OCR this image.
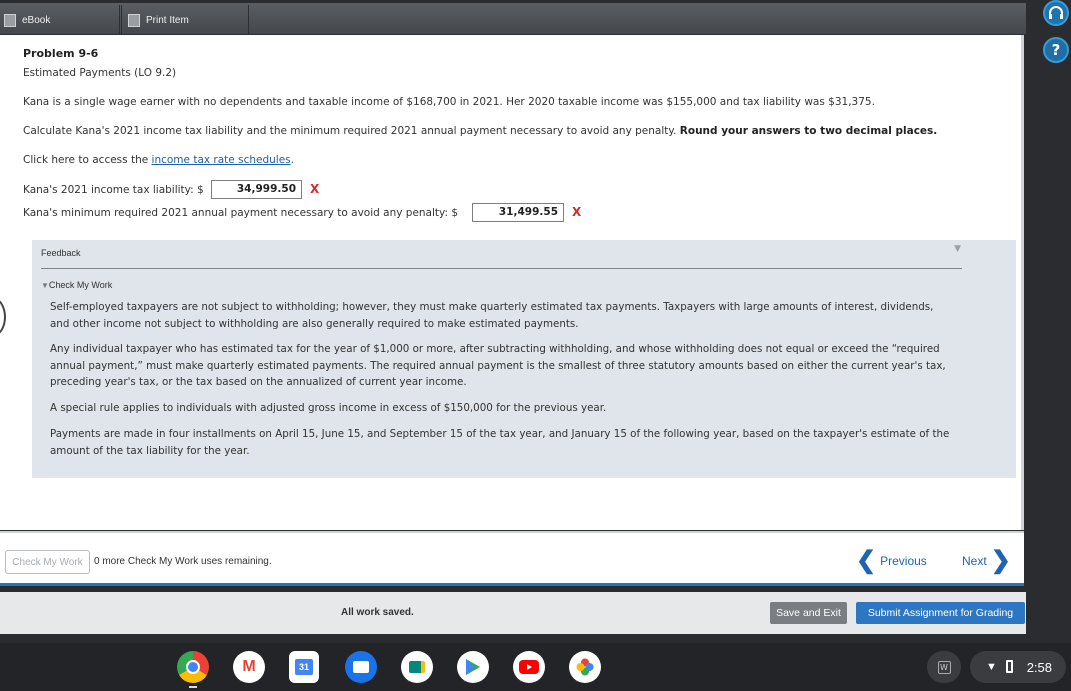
eBook	Print Item
?
Problem 9-6
Estimated Payments (LO 9.2)
Kana is a single wage earner with no dependents and taxable income of $168,700 in 2021. Her 2020 taxable income was $155,000 and tax liability was $31,375.
Calculate Kana's 2021 income tax liability and the minimum required 2021 annual payment necessary to avoid any penalty. Round your answers to two decimal places.
Click here to access the income tax rate schedules.
Kana's 2021 income tax liability: $	34,999.50	X
Kana's minimum required 2021 annual payment necessary to avoid any penalty: $	31,499.55	X
Feedback	▼
▼Check My Work
Self-employed taxpayers are not subject to withholding; however, they must make quarterly estimated tax payments. Taxpayers with large amounts of interest, dividends, and other income not subject to withholding are also generally required to make estimated payments.
Any individual taxpayer who has estimated tax for the year of $1,000 or more, after subtracting withholding, and whose withholding does not equal or exceed the “required annual payment,” must make quarterly estimated payments. The required annual payment is the smallest of three statutory amounts based on either the current year's tax, preceding year's tax, or the tax based on the annualized of current year income.
A special rule applies to individuals with adjusted gross income in excess of $150,000 for the previous year.
Payments are made in four installments on April 15, June 15, and September 15 of the tax year, and January 15 of the following year, based on the taxpayer's estimate of the amount of the tax liability for the year.
Check My Work	0 more Check My Work uses remaining.	❮ Previous	Next ❯
All work saved.	Save and Exit	Submit Assignment for Grading
M	31	W	▼ 2:58
